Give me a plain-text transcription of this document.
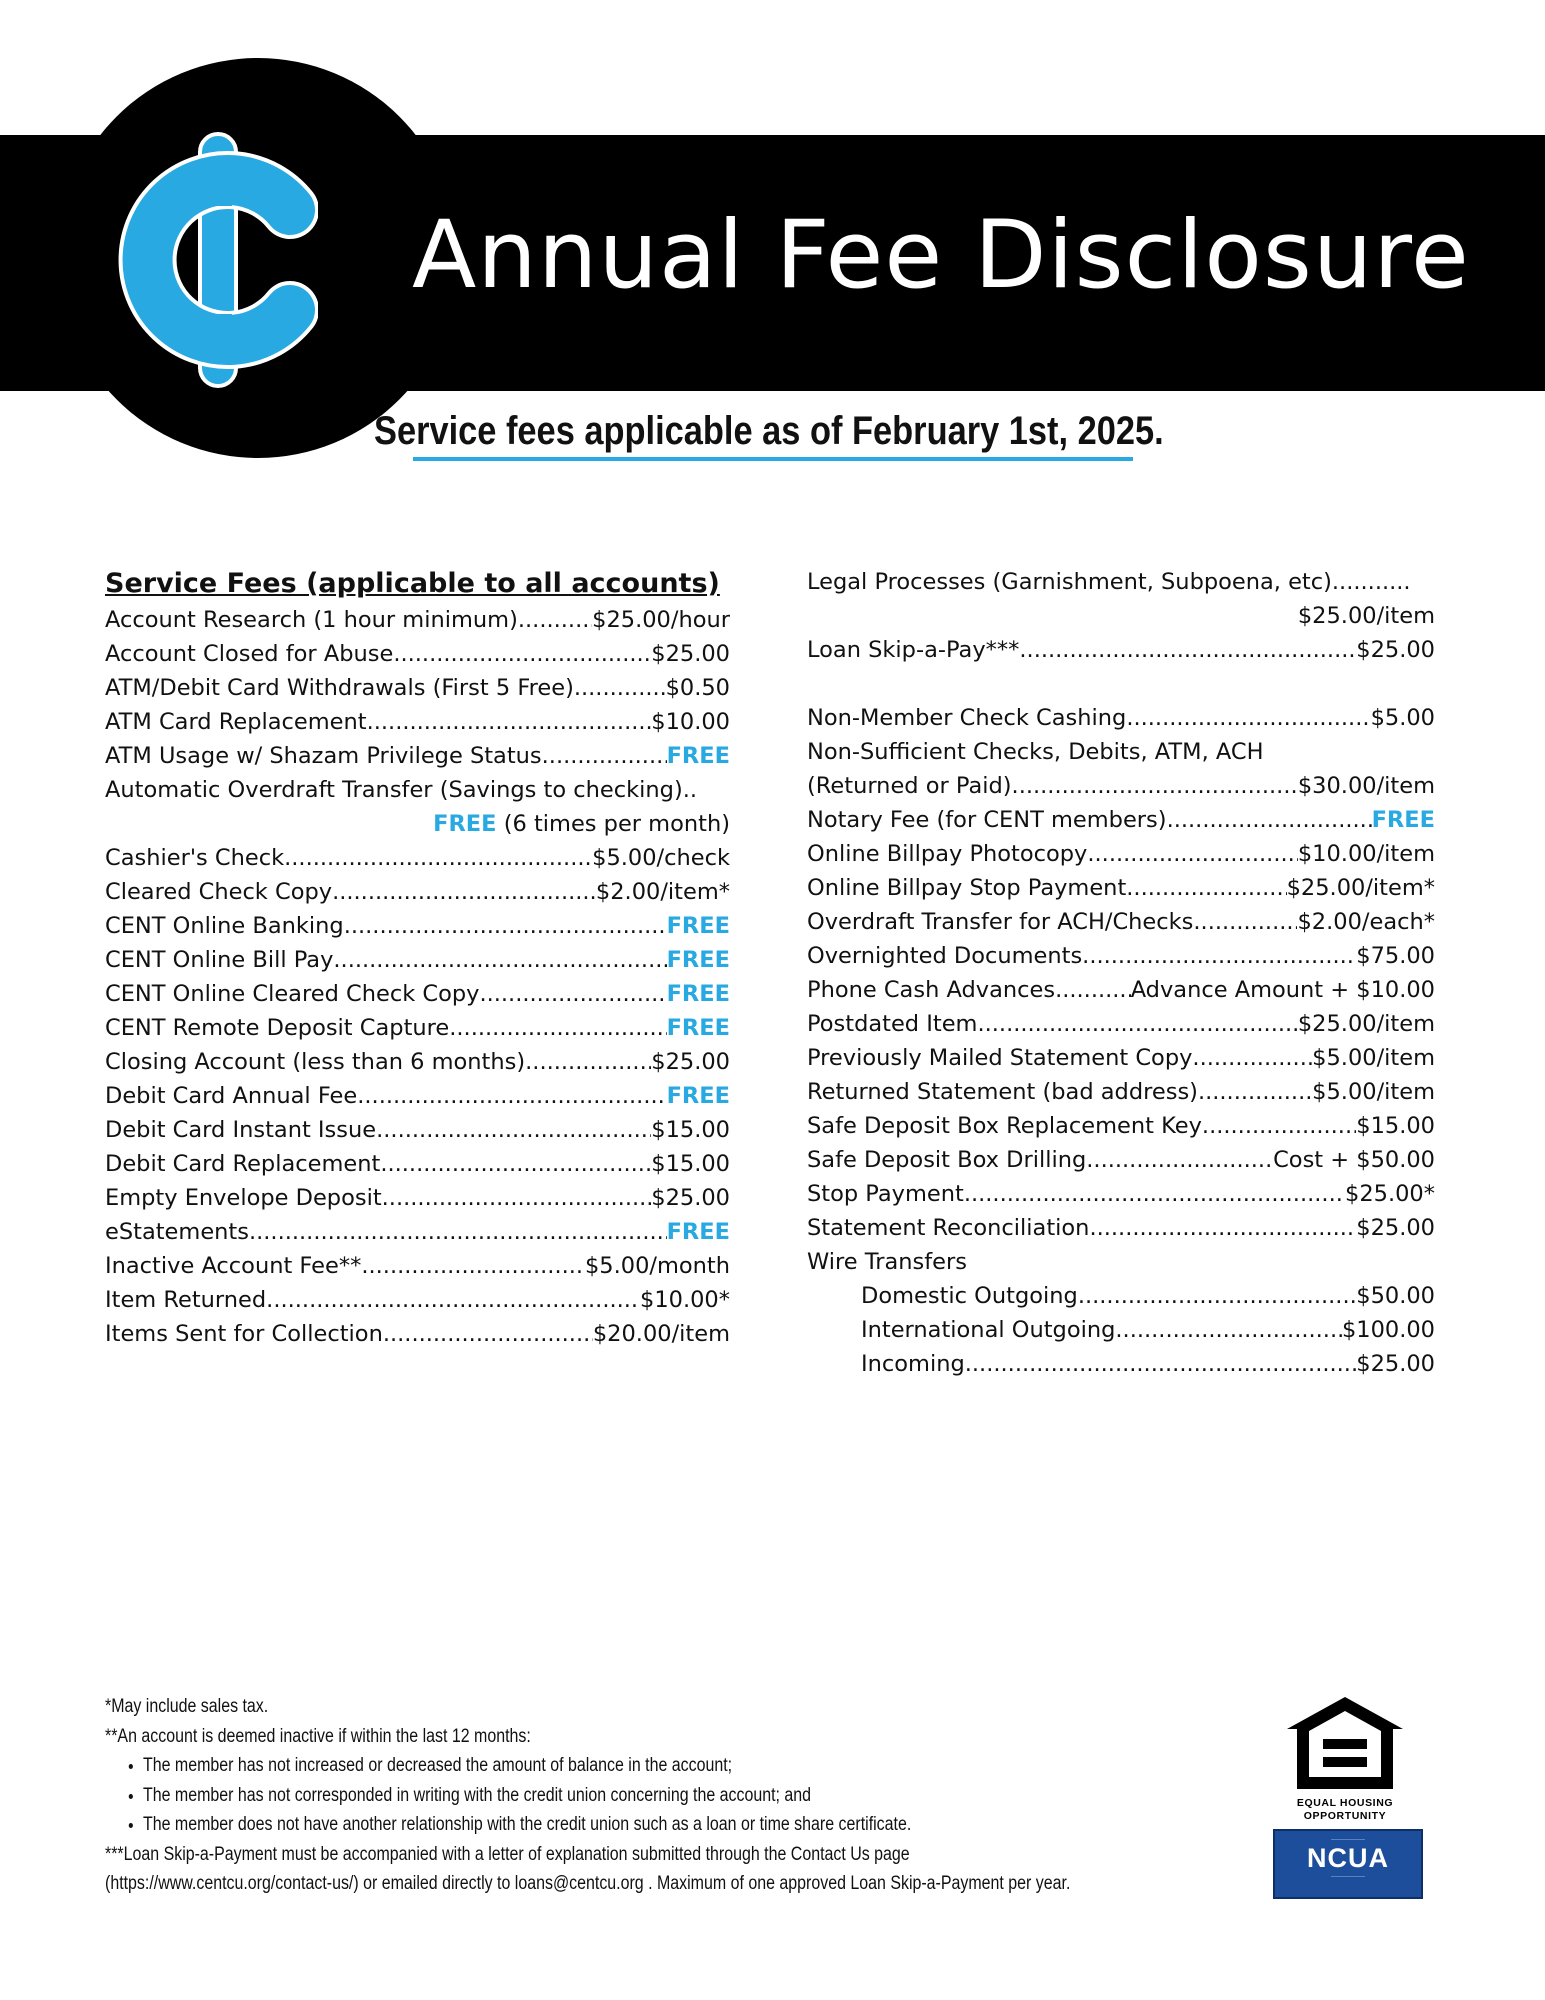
Annual Fee Disclosure
Service fees applicable as of February 1st, 2025.
Service Fees (applicable to all accounts)
Account Research (1 hour minimum) .....	$25.00/hour
Account Closed for Abuse .....	$25.00
ATM/Debit Card Withdrawals (First 5 Free) .....	$0.50
ATM Card Replacement .....	$10.00
ATM Usage w/ Shazam Privilege Status .....	FREE
Automatic Overdraft Transfer (Savings to checking)..
FREE (6 times per month)
Cashier's Check .....	$5.00/check
Cleared Check Copy .....	$2.00/item*
CENT Online Banking .....	FREE
CENT Online Bill Pay .....	FREE
CENT Online Cleared Check Copy .....	FREE
CENT Remote Deposit Capture .....	FREE
Closing Account (less than 6 months) .....	$25.00
Debit Card Annual Fee .....	FREE
Debit Card Instant Issue .....	$15.00
Debit Card Replacement .....	$15.00
Empty Envelope Deposit .....	$25.00
eStatements .....	FREE
Inactive Account Fee** .....	$5.00/month
Item Returned .....	$10.00*
Items Sent for Collection .....	$20.00/item
Legal Processes (Garnishment, Subpoena, etc)...........
$25.00/item
Loan Skip-a-Pay*** .....	$25.00
Non-Member Check Cashing .....	$5.00
Non-Sufficient Checks, Debits, ATM, ACH
(Returned or Paid) .....	$30.00/item
Notary Fee (for CENT members) .....	FREE
Online Billpay Photocopy .....	$10.00/item
Online Billpay Stop Payment .....	$25.00/item*
Overdraft Transfer for ACH/Checks .....	$2.00/each*
Overnighted Documents .....	$75.00
Phone Cash Advances .....	Advance Amount + $10.00
Postdated Item .....	$25.00/item
Previously Mailed Statement Copy .....	$5.00/item
Returned Statement (bad address) .....	$5.00/item
Safe Deposit Box Replacement Key .....	$15.00
Safe Deposit Box Drilling .....	Cost + $50.00
Stop Payment .....	$25.00*
Statement Reconciliation .....	$25.00
Wire Transfers
Domestic Outgoing .....	$50.00
International Outgoing .....	$100.00
Incoming .....	$25.00

*May include sales tax.

**An account is deemed inactive if within the last 12 months:

• The member has not increased or decreased the amount of balance in the account;
• The member has not corresponded in writing with the credit union concerning the account; and
• The member does not have another relationship with the credit union such as a loan or time share certificate.

***Loan Skip-a-Payment must be accompanied with a letter of explanation submitted through the Contact Us page

(https://www.centcu.org/contact-us/) or emailed directly to loans@centcu.org . Maximum of one approved Loan Skip-a-Payment per year.

EQUAL HOUSING
OPPORTUNITY
──────────────
NCUA
──────────────
